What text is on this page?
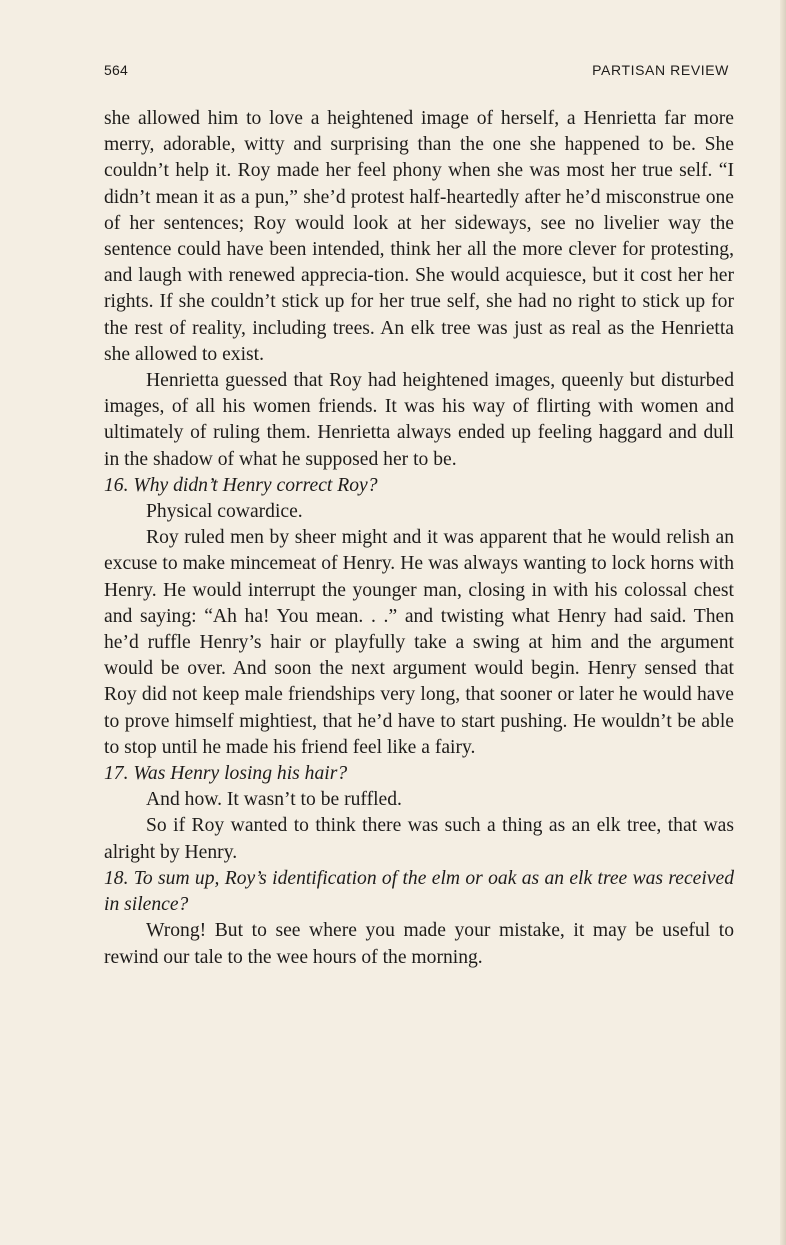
564	PARTISAN REVIEW

she allowed him to love a heightened image of herself, a Henrietta far more merry, adorable, witty and surprising than the one she happened to be. She couldn’t help it. Roy made her feel phony when she was most her true self. “I didn’t mean it as a pun,” she’d protest half-heartedly after he’d misconstrue one of her sentences; Roy would look at her sideways, see no livelier way the sentence could have been intended, think her all the more clever for protesting, and laugh with renewed apprecia-tion. She would acquiesce, but it cost her her rights. If she couldn’t stick up for her true self, she had no right to stick up for the rest of reality, including trees. An elk tree was just as real as the Henrietta she allowed to exist.

Henrietta guessed that Roy had heightened images, queenly but disturbed images, of all his women friends. It was his way of flirting with women and ultimately of ruling them. Henrietta always ended up feeling haggard and dull in the shadow of what he supposed her to be.

16. Why didn’t Henry correct Roy?

Physical cowardice.

Roy ruled men by sheer might and it was apparent that he would relish an excuse to make mincemeat of Henry. He was always wanting to lock horns with Henry. He would interrupt the younger man, closing in with his colossal chest and saying: “Ah ha! You mean. . .” and twisting what Henry had said. Then he’d ruffle Henry’s hair or playfully take a swing at him and the argument would be over. And soon the next argument would begin. Henry sensed that Roy did not keep male friendships very long, that sooner or later he would have to prove himself mightiest, that he’d have to start pushing. He wouldn’t be able to stop until he made his friend feel like a fairy.

17. Was Henry losing his hair?

And how. It wasn’t to be ruffled.

So if Roy wanted to think there was such a thing as an elk tree, that was alright by Henry.

18. To sum up, Roy’s identification of the elm or oak as an elk tree was received in silence?

Wrong! But to see where you made your mistake, it may be useful to rewind our tale to the wee hours of the morning.
